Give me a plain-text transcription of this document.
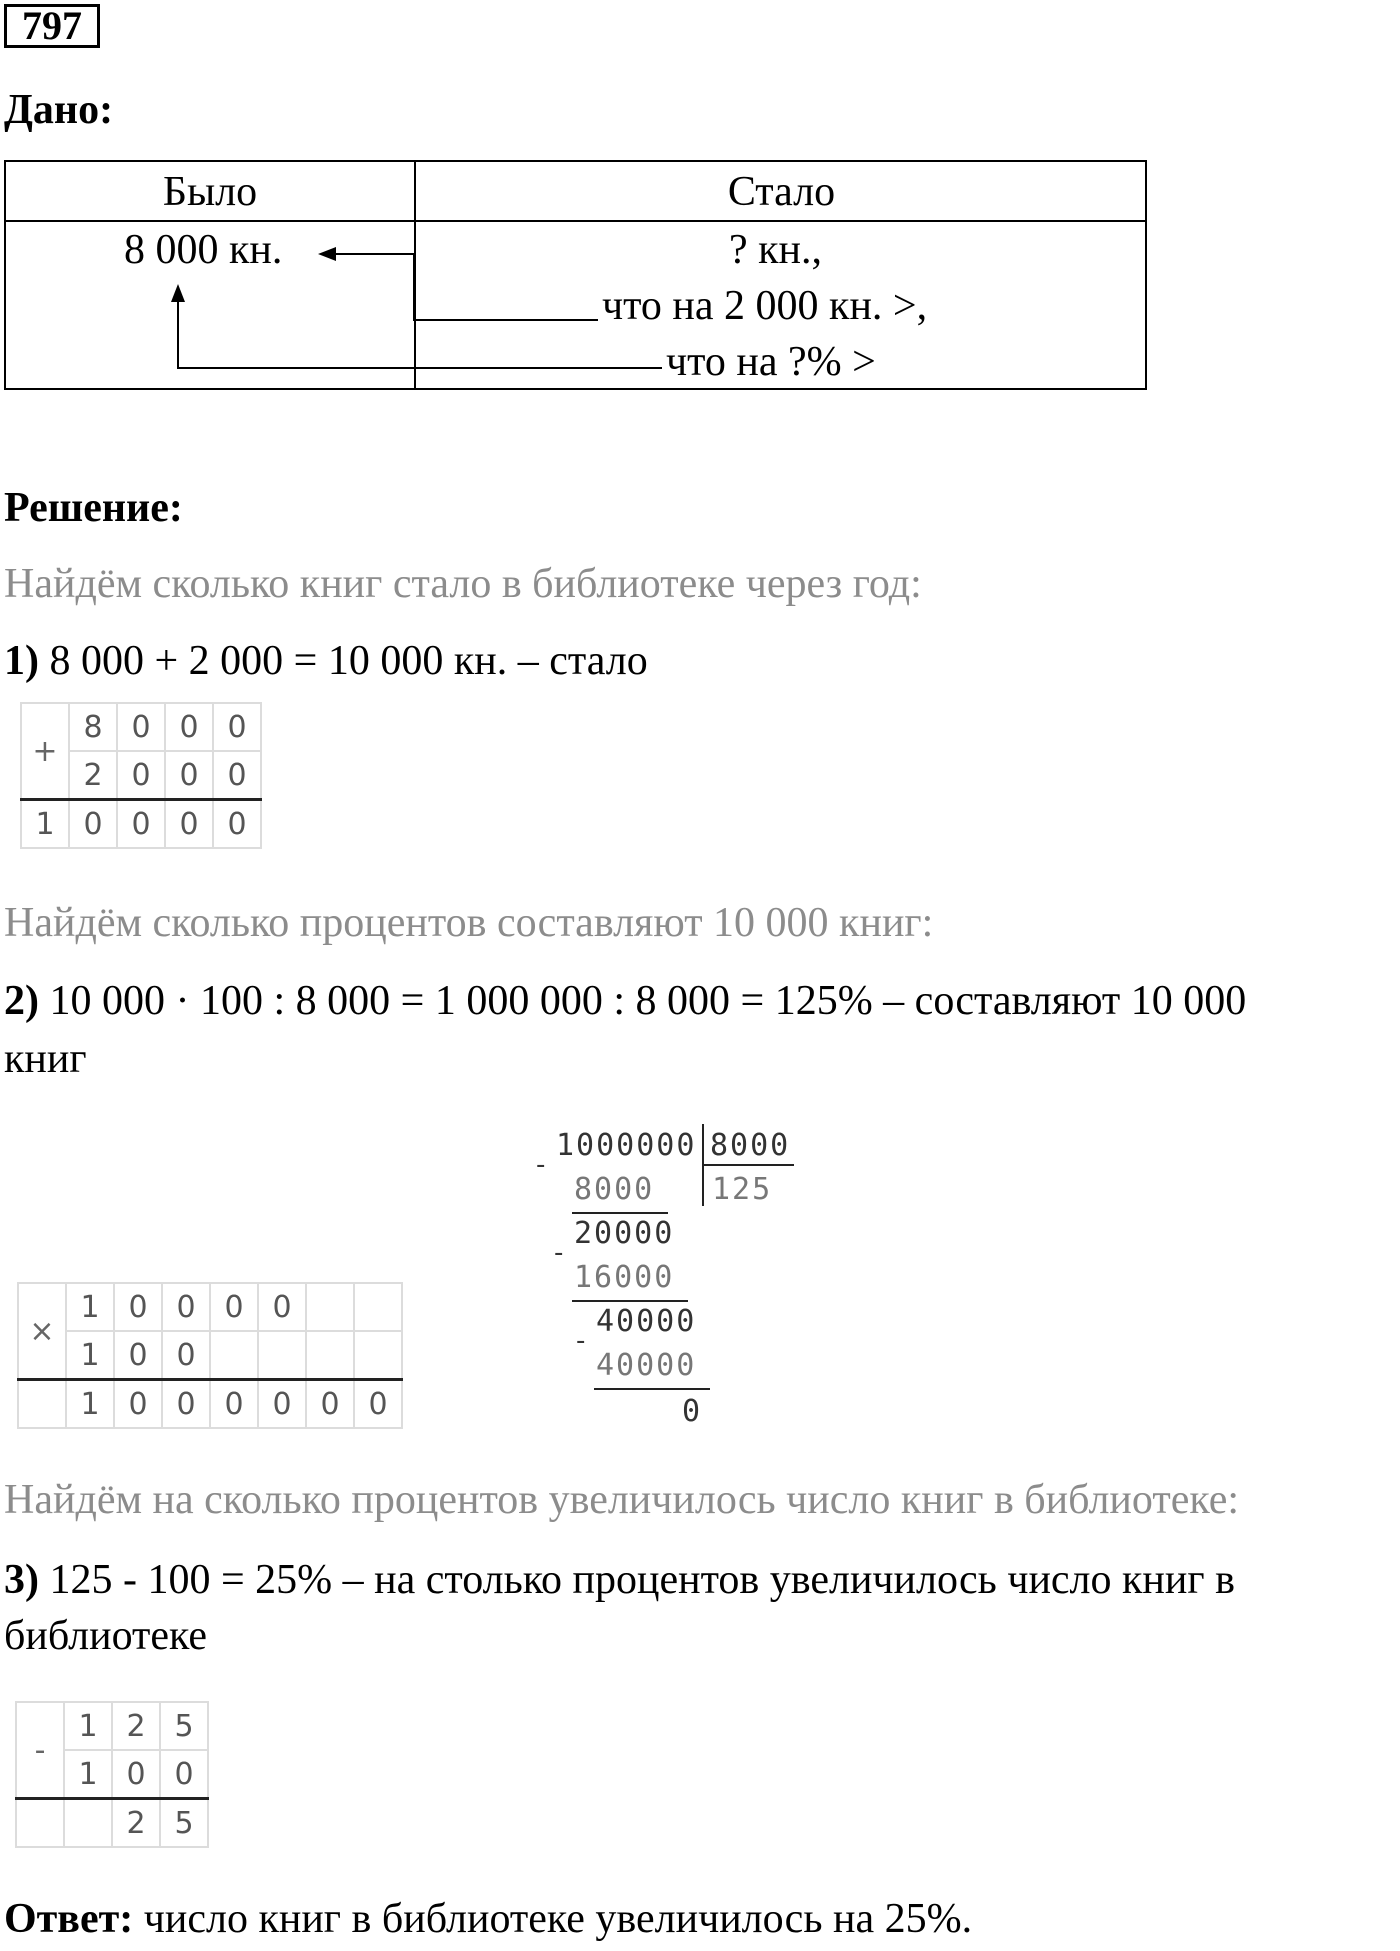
797
Дано:
Было	Стало
8 000 кн.	? кн.,
что на 2 000 кн. >,
что на ?% >
Решение:
Найдём сколько книг стало в библиотеке через год:
1) 8 000 + 2 000 = 10 000 кн. – стало
+	8	0	0	0
	2	0	0	0
1	0	0	0	0
Найдём сколько процентов составляют 10 000 книг:
2) 10 000 · 100 : 8 000 = 1 000 000 : 8 000 = 125% – составляют 10 000
книг
×	1	0	0	0	0		
	1	0	0				
	1	0	0	0	0	0	0
1000000 8000
125
-
8000
20000
-
16000
40000
-
40000
0
Найдём на сколько процентов увеличилось число книг в библиотеке:
3) 125 - 100 = 25% – на столько процентов увеличилось число книг в
библиотеке
-	1	2	5
	1	0	0
		2	5
Ответ: число книг в библиотеке увеличилось на 25%.
